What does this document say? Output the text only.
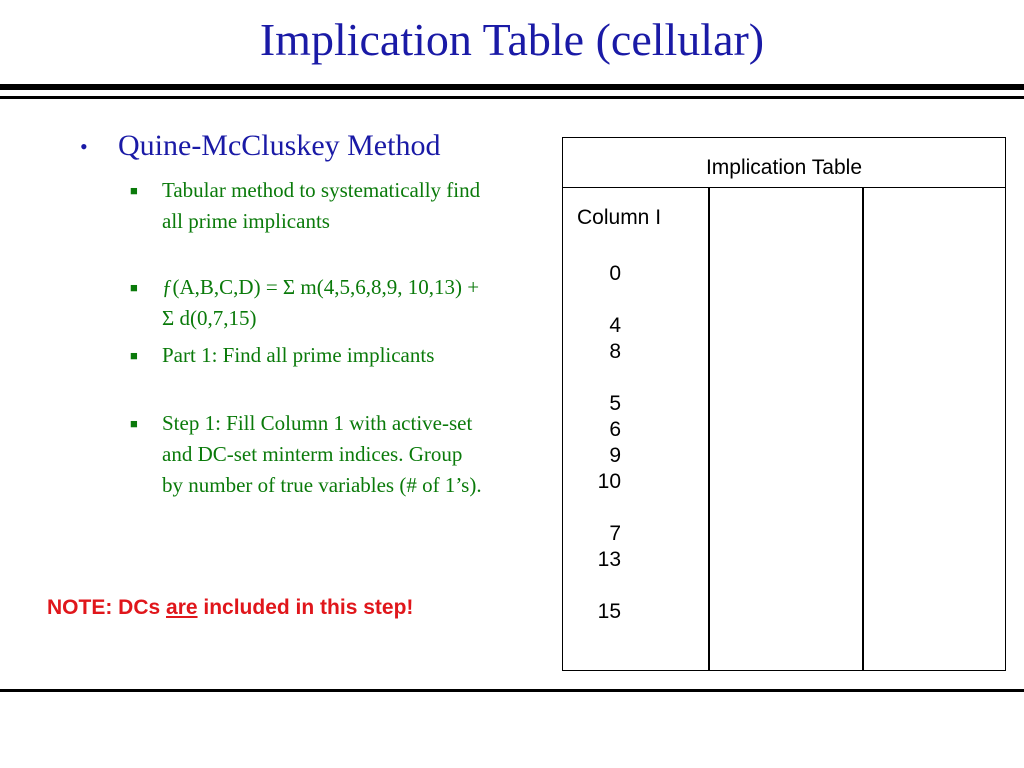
Implication Table (cellular)
• Quine-McCluskey Method
■ Tabular method to systematically find all prime implicants
■ ƒ(A,B,C,D) = Σ m(4,5,6,8,9, 10,13) + Σ d(0,7,15)
■ Part 1: Find all prime implicants
■ Step 1: Fill Column 1 with active-set and DC-set minterm indices. Group by number of true variables (# of 1’s).
NOTE: DCs are included in this step!
Implication Table
Column I
0
4
8
5
6
9
10
7
13
15
